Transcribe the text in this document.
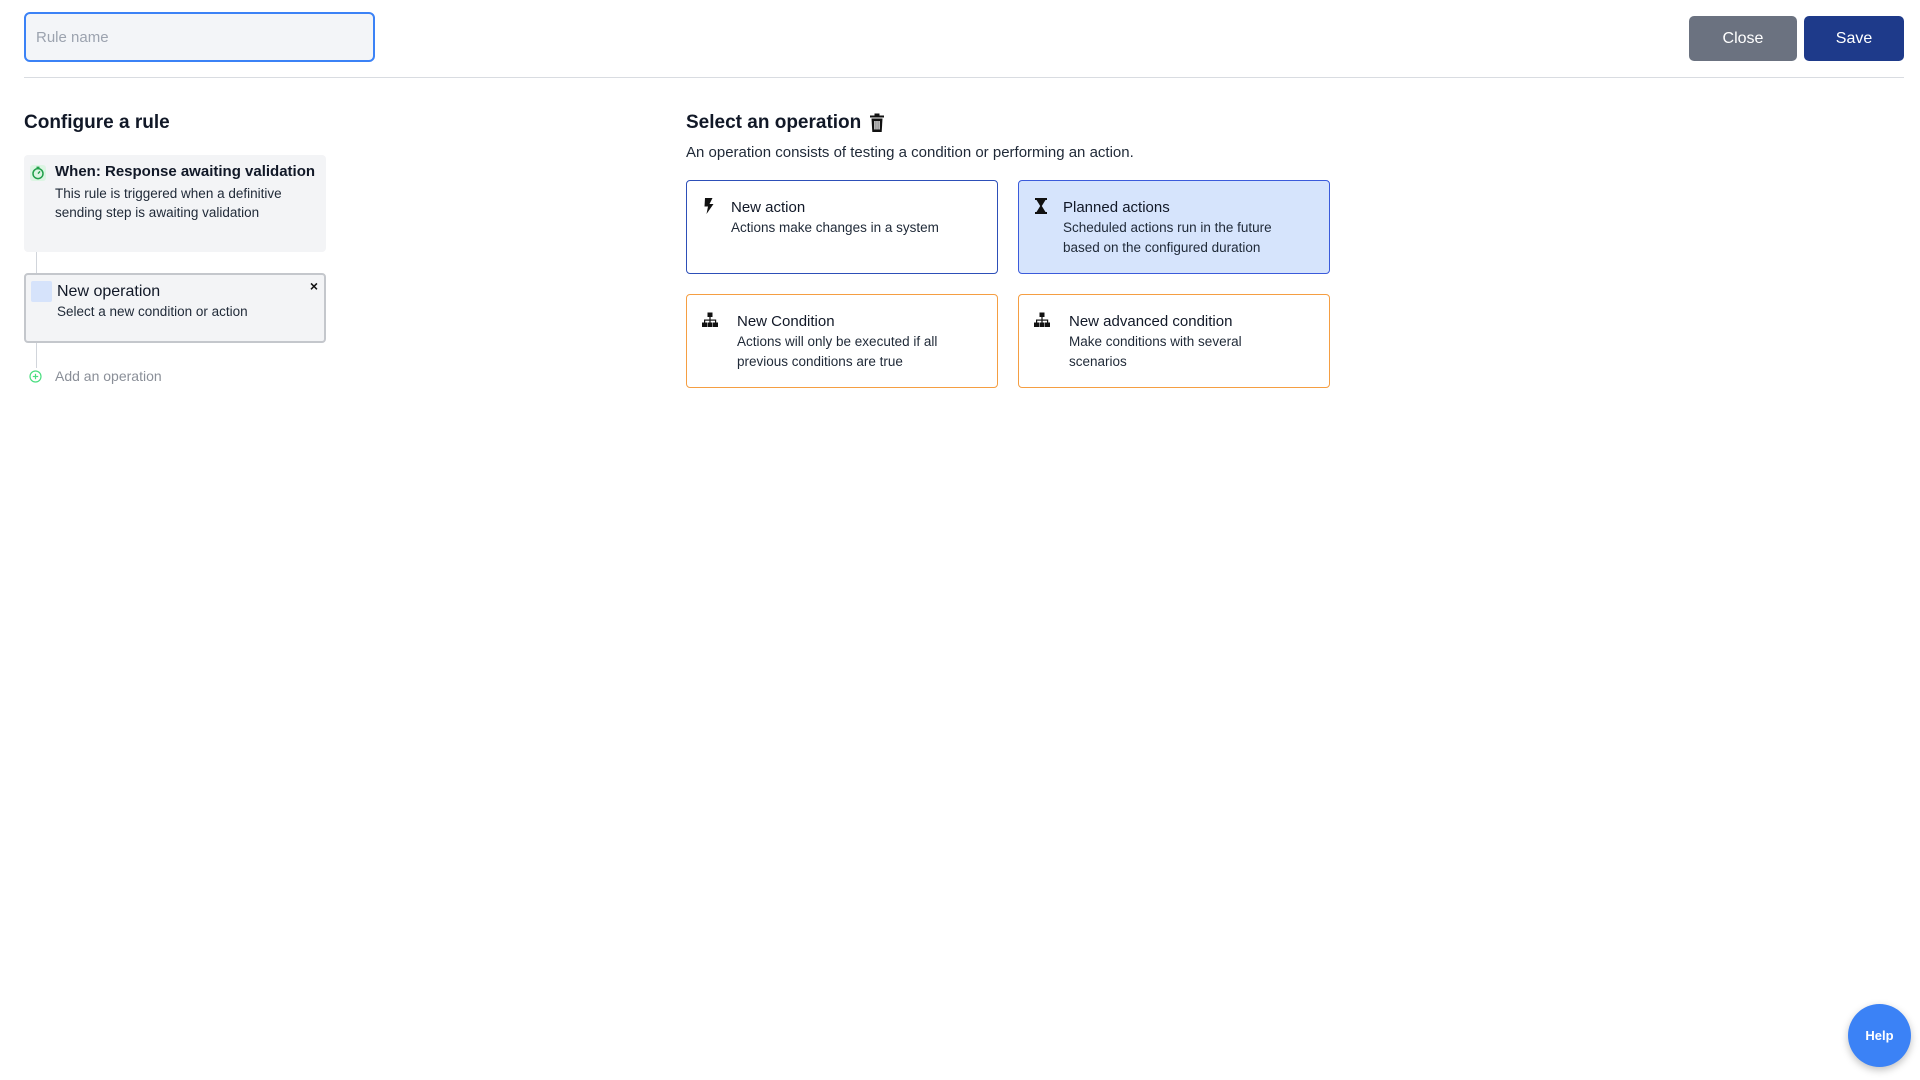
Rule name
Close	Save
Configure a rule
When: Response awaiting validation
This rule is triggered when a definitive sending step is awaiting validation
New operation
Select a new condition or action
×
Add an operation
Select an operation
An operation consists of testing a condition or performing an action.
New action
Actions make changes in a system
Planned actions
Scheduled actions run in the future based on the configured duration
New Condition
Actions will only be executed if all previous conditions are true
New advanced condition
Make conditions with several scenarios
Help
